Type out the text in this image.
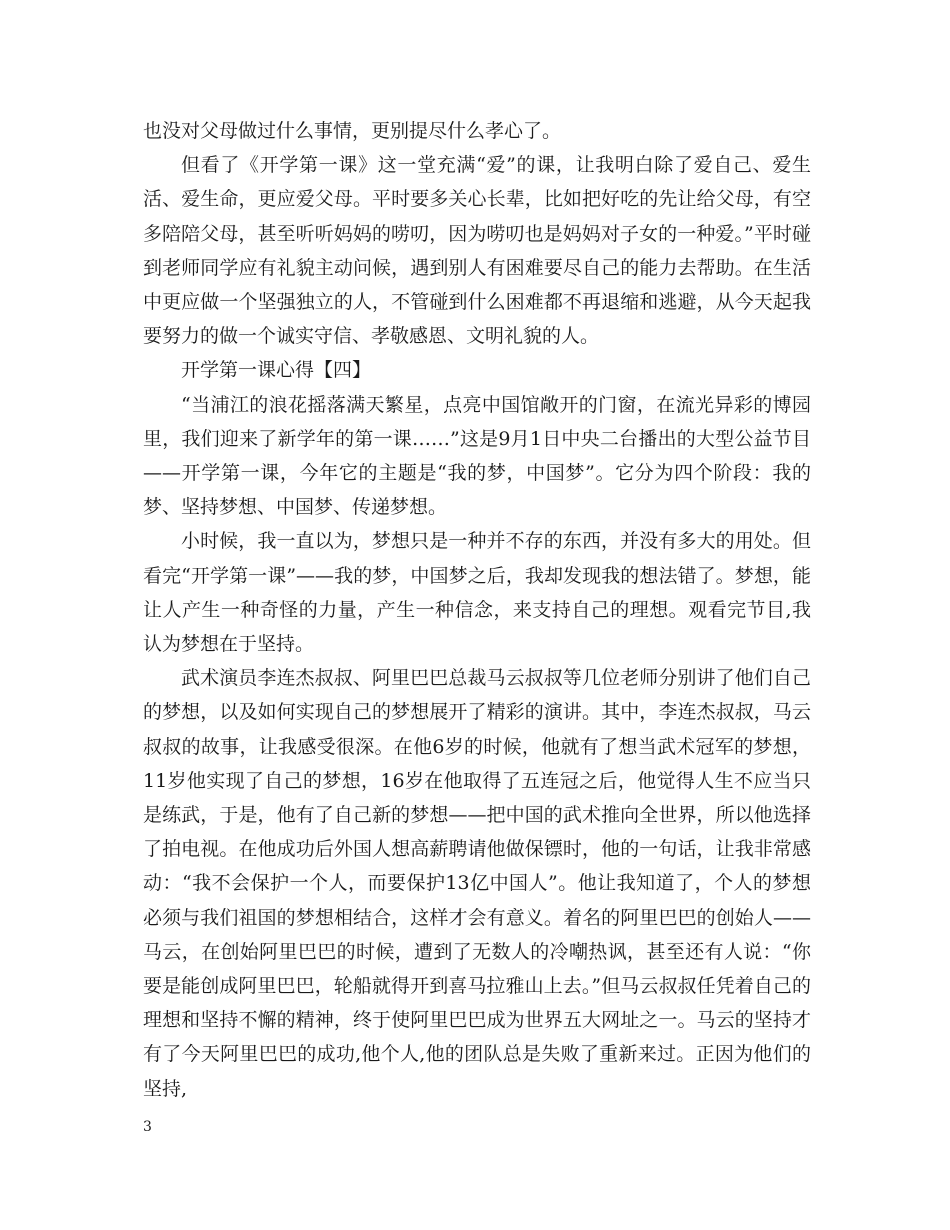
也没对父母做过什么事情，更别提尽什么孝心了。

但看了《开学第一课》这一堂充满“爱”的课，让我明白除了爱自己、爱生活、爱生命，更应爱父母。平时要多关心长辈，比如把好吃的先让给父母，有空多陪陪父母，甚至听听妈妈的唠叨，因为唠叨也是妈妈对子女的一种爱。”平时碰到老师同学应有礼貌主动问候，遇到别人有困难要尽自己的能力去帮助。在生活中更应做一个坚强独立的人，不管碰到什么困难都不再退缩和逃避，从今天起我要努力的做一个诚实守信、孝敬感恩、文明礼貌的人。

开学第一课心得【四】

“当浦江的浪花摇落满天繁星，点亮中国馆敞开的门窗，在流光异彩的博园里，我们迎来了新学年的第一课……”这是9月1日中央二台播出的大型公益节目——开学第一课，今年它的主题是“我的梦，中国梦”。它分为四个阶段：我的梦、坚持梦想、中国梦、传递梦想。

小时候，我一直以为，梦想只是一种并不存的东西，并没有多大的用处。但看完“开学第一课”——我的梦，中国梦之后，我却发现我的想法错了。梦想，能让人产生一种奇怪的力量，产生一种信念，来支持自己的理想。观看完节目,我认为梦想在于坚持。

武术演员李连杰叔叔、阿里巴巴总裁马云叔叔等几位老师分别讲了他们自己的梦想，以及如何实现自己的梦想展开了精彩的演讲。其中，李连杰叔叔，马云叔叔的故事，让我感受很深。在他6岁的时候，他就有了想当武术冠军的梦想，11岁他实现了自己的梦想，16岁在他取得了五连冠之后，他觉得人生不应当只是练武，于是，他有了自己新的梦想——把中国的武术推向全世界，所以他选择了拍电视。在他成功后外国人想高薪聘请他做保镖时，他的一句话，让我非常感动：“我不会保护一个人，而要保护13亿中国人”。他让我知道了，个人的梦想必须与我们祖国的梦想相结合，这样才会有意义。着名的阿里巴巴的创始人——马云，在创始阿里巴巴的时候，遭到了无数人的冷嘲热讽，甚至还有人说：“你要是能创成阿里巴巴，轮船就得开到喜马拉雅山上去。”但马云叔叔任凭着自己的理想和坚持不懈的精神，终于使阿里巴巴成为世界五大网址之一。马云的坚持才有了今天阿里巴巴的成功,他个人,他的团队总是失败了重新来过。正因为他们的坚持,

3
